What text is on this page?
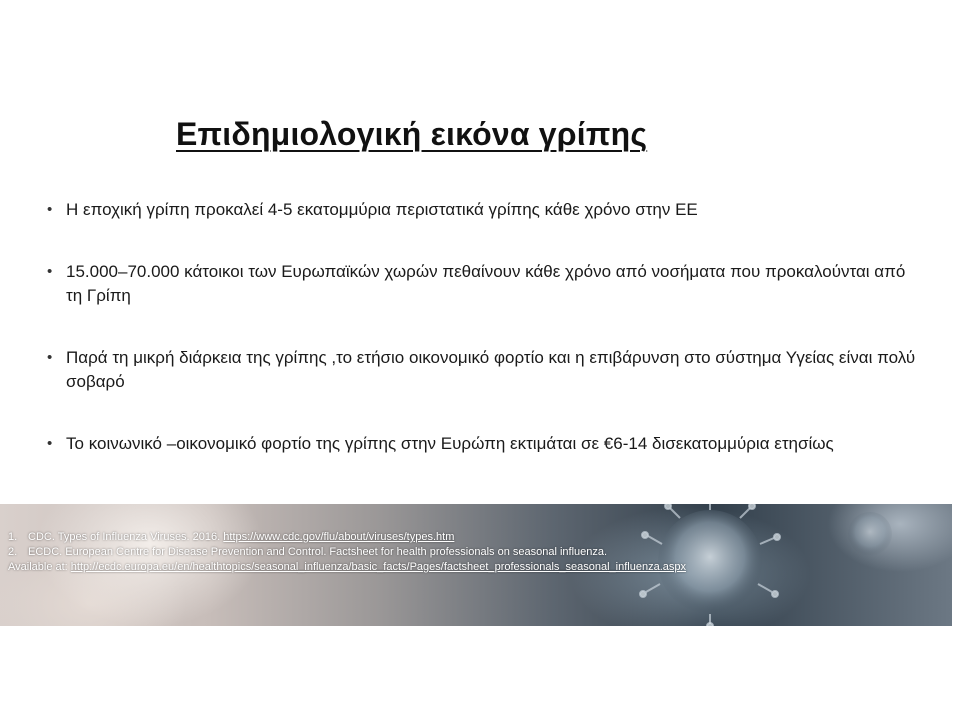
Επιδημιολογική εικόνα γρίπης
• Η εποχική γρίπη προκαλεί 4-5 εκατομμύρια περιστατικά γρίπης κάθε χρόνο στην ΕΕ
• 15.000–70.000 κάτοικοι των Ευρωπαϊκών χωρών πεθαίνουν κάθε χρόνο από νοσήματα που προκαλούνται από τη Γρίπη
• Παρά τη μικρή διάρκεια της γρίπης ,το ετήσιο οικονομικό φορτίο και η επιβάρυνση στο σύστημα Υγείας είναι πολύ σοβαρό
• Το κοινωνικό –οικονομικό φορτίο της γρίπης στην Ευρώπη εκτιμάται σε €6-14 δισεκατομμύρια ετησίως
1. CDC. Types of Influenza Viruses. 2016. https://www.cdc.gov/flu/about/viruses/types.htm
2. ECDC. European Centre for Disease Prevention and Control. Factsheet for health professionals on seasonal influenza.
Available at: http://ecdc.europa.eu/en/healthtopics/seasonal_influenza/basic_facts/Pages/factsheet_professionals_seasonal_influenza.aspx
